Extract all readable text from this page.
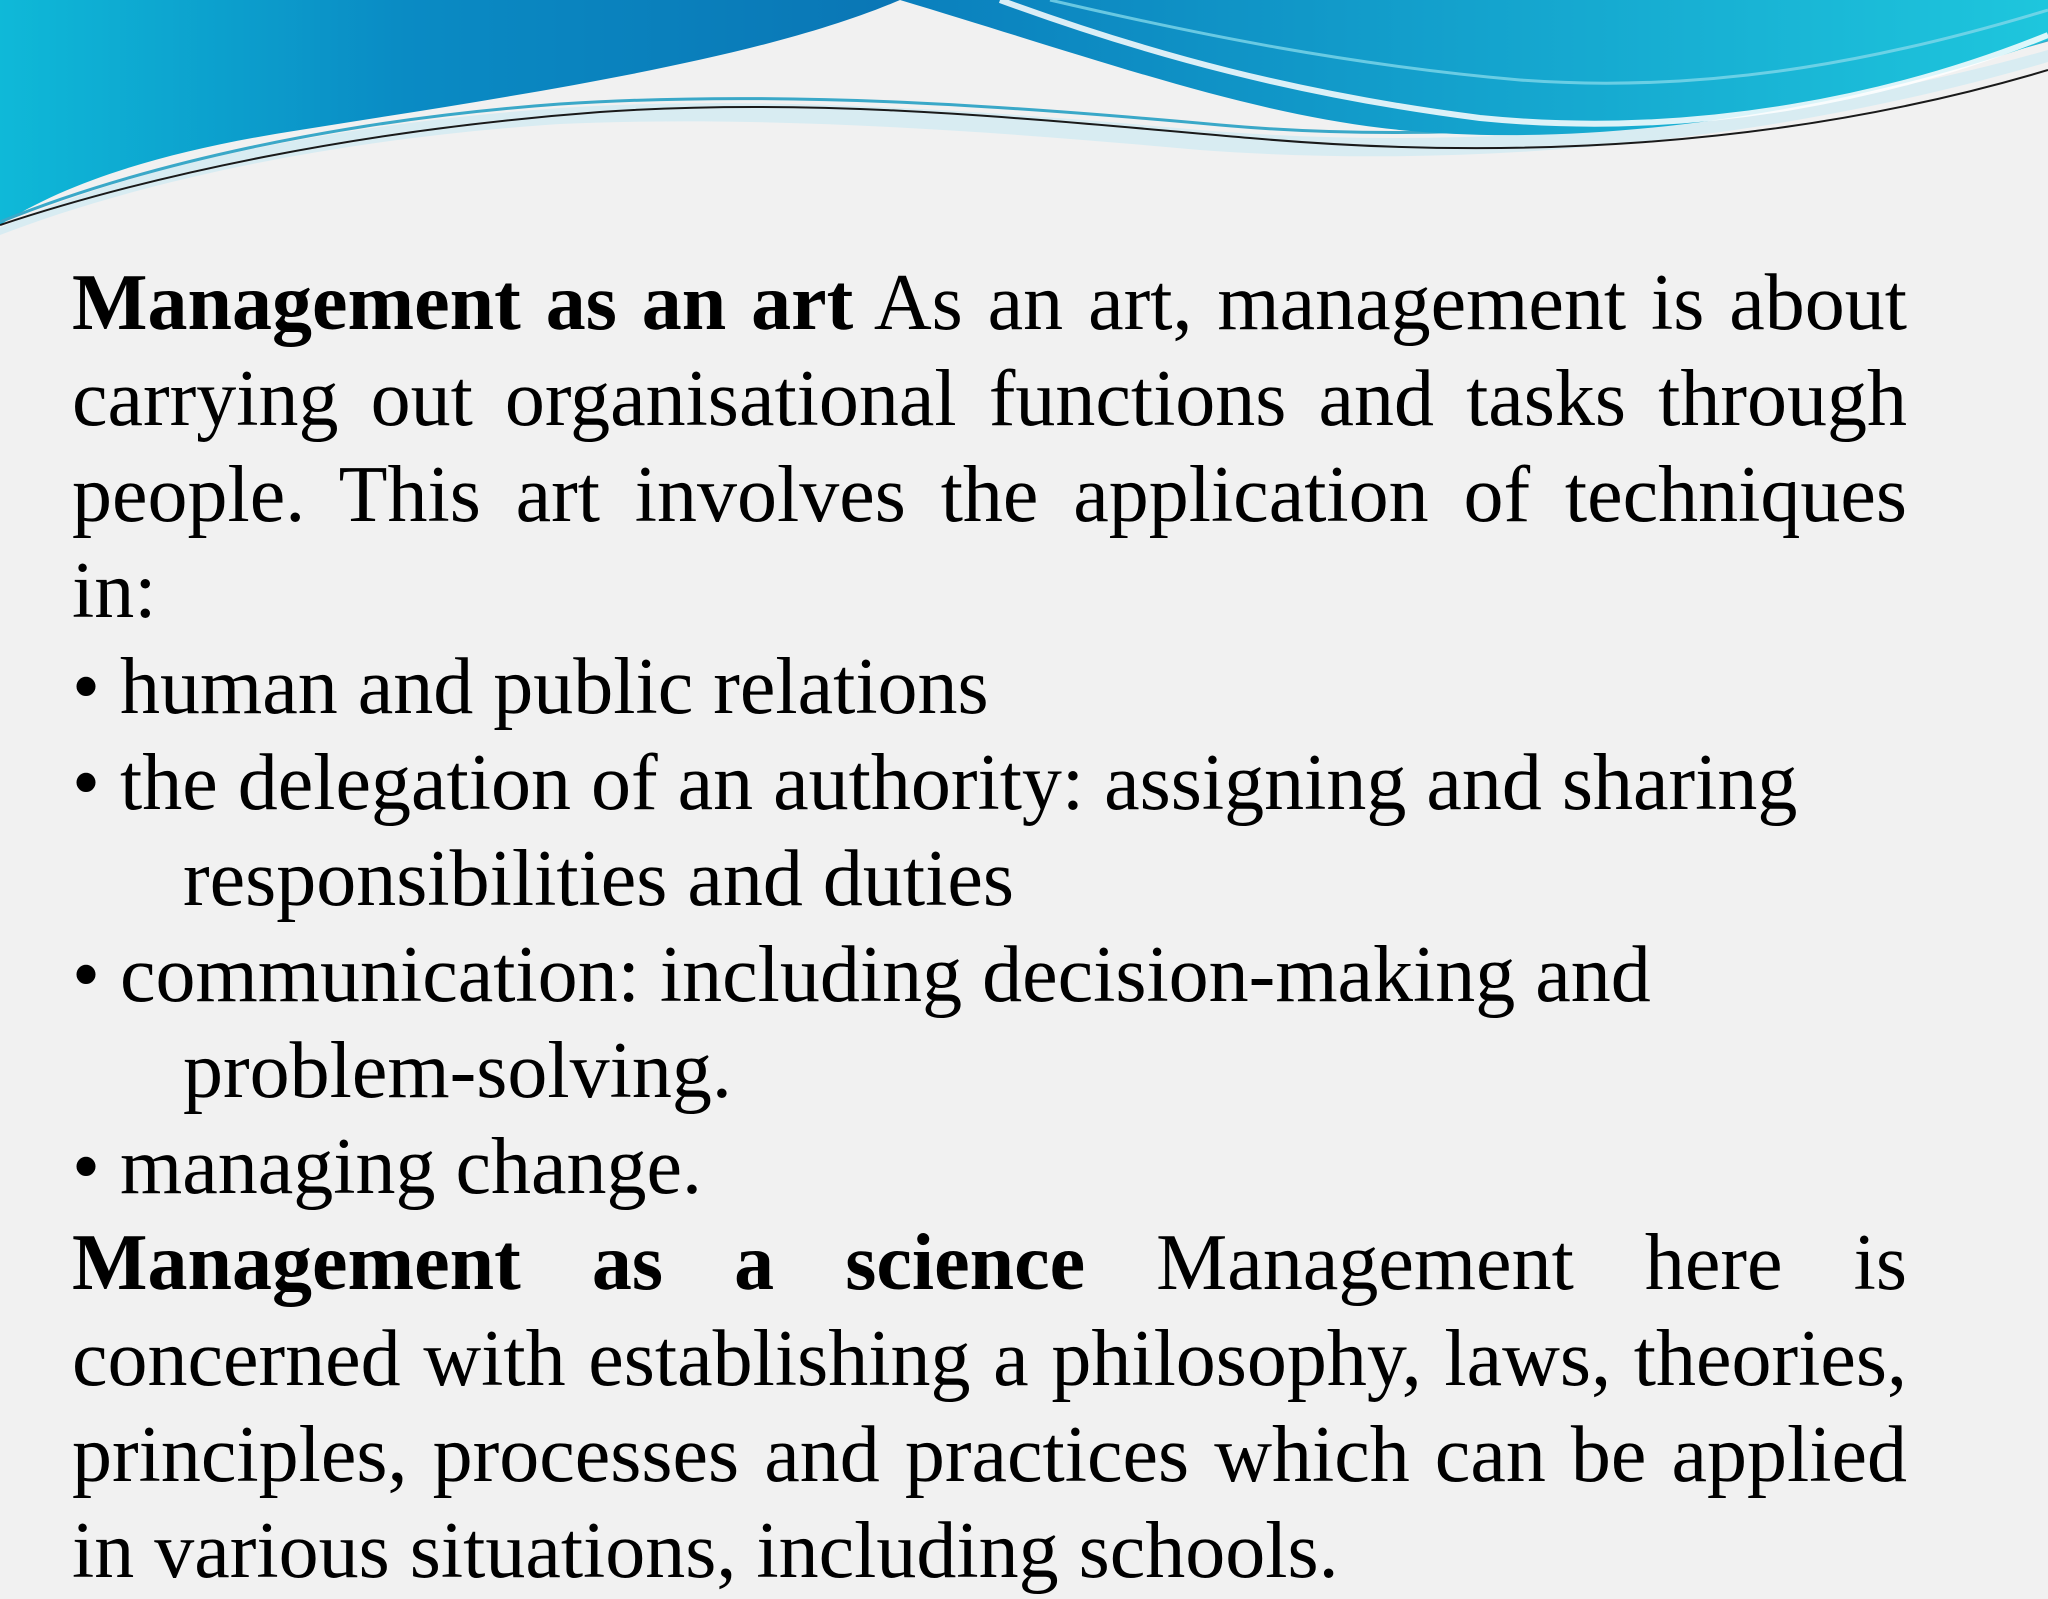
Management as an art As an art, management is about carrying out organisational functions and tasks through people. This art involves the application of techniques in:

• human and public relations
• the delegation of an authority: assigning and sharing responsibilities and duties
• communication: including decision-making and problem-solving.
• managing change.

Management as a science Management here is concerned with establishing a philosophy, laws, theories, principles, processes and practices which can be applied in various situations, including schools.
